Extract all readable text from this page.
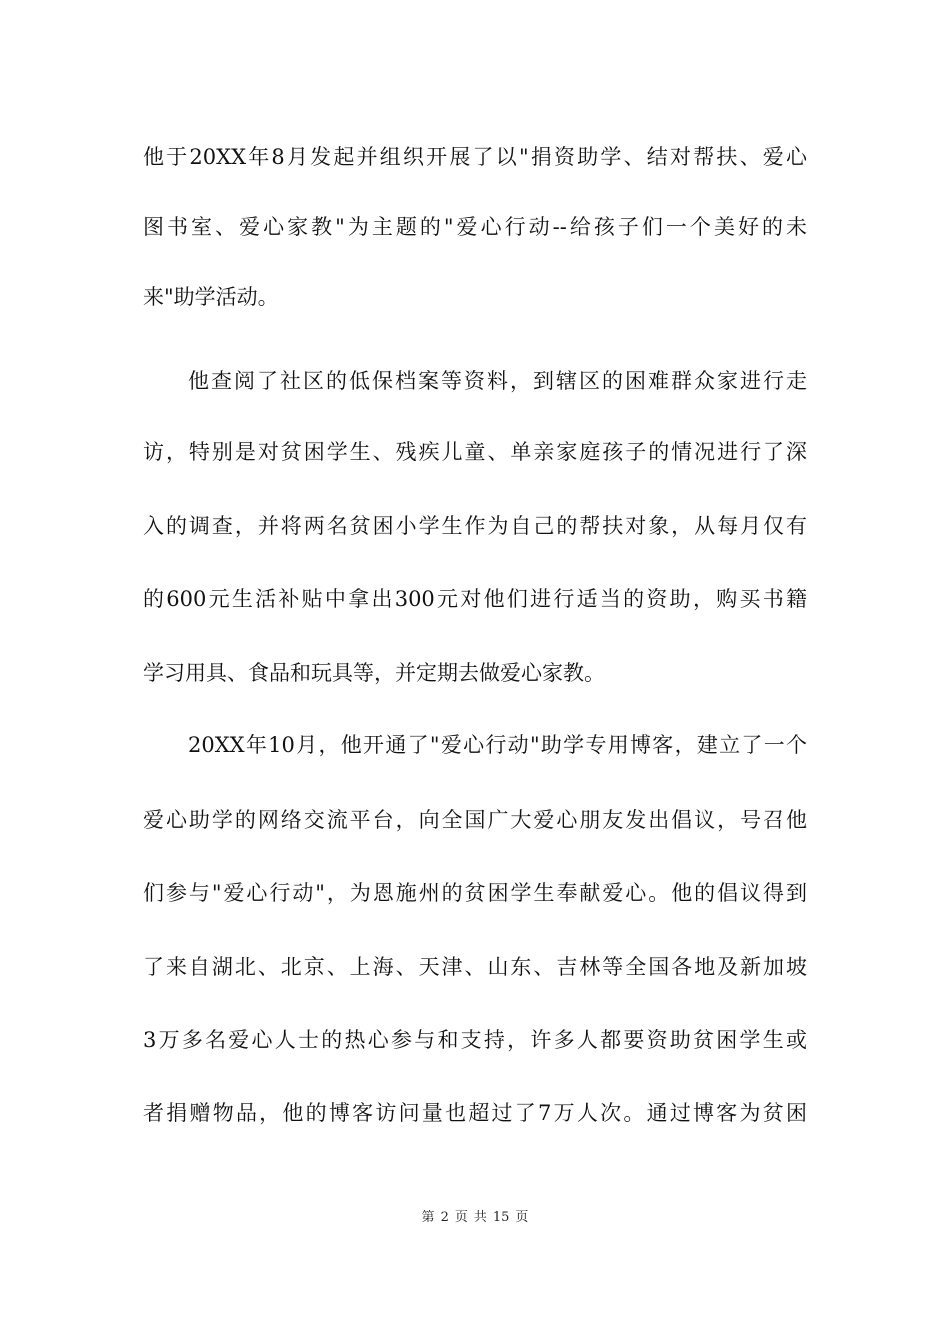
他于20XX年8月发起并组织开展了以"捐资助学、结对帮扶、爱心
图书室、爱心家教"为主题的"爱心行动--给孩子们一个美好的未
来"助学活动。
他查阅了社区的低保档案等资料，到辖区的困难群众家进行走
访，特别是对贫困学生、残疾儿童、单亲家庭孩子的情况进行了深
入的调查，并将两名贫困小学生作为自己的帮扶对象，从每月仅有
的600元生活补贴中拿出300元对他们进行适当的资助，购买书籍
学习用具、食品和玩具等，并定期去做爱心家教。
20XX年10月，他开通了"爱心行动"助学专用博客，建立了一个
爱心助学的网络交流平台，向全国广大爱心朋友发出倡议，号召他
们参与"爱心行动"，为恩施州的贫困学生奉献爱心。他的倡议得到
了来自湖北、北京、上海、天津、山东、吉林等全国各地及新加坡
3万多名爱心人士的热心参与和支持，许多人都要资助贫困学生或
者捐赠物品，他的博客访问量也超过了7万人次。通过博客为贫困
第 2 页 共 15 页
